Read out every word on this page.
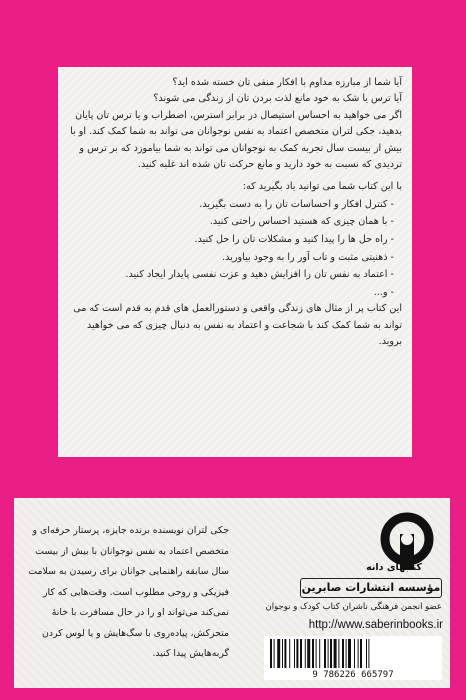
آیا شما از مبارزه مداوم با افکار منفی تان خسته شده اید؟

آیا ترس یا شک به خود مانع لذت بردن تان از زندگی می شوند؟

اگر می خواهید به احساس استیصال در برابر استرس، اضطراب و یا ترس تان پایان بدهید، جکی لتران متخصص اعتماد به نفس نوجوانان می تواند به شما کمک کند. او با بیش از بیست سال تجربه کمک به نوجوانان می تواند به شما بیاموزد که بر ترس و تردیدی که نسبت به خود دارید و مانع حرکت تان شده اند غلبه کنید.

با این کتاب شما می توانید یاد بگیرید که:

- کنترل افکار و احساسات تان را به دست بگیرید.
- با همان چیزی که هستید احساس راحتی کنید.
- راه حل ها را پیدا کنید و مشکلات تان را حل کنید.
- ذهنیتی مثبت و تاب آور را به وجود بیاورید.
- اعتماد به نفس تان را افزایش دهید و عزت نفسی پایدار ایجاد کنید.
- و...

این کتاب پر از مثال های زندگی واقعی و دستورالعمل های قدم به قدم است که می تواند به شما کمک کند با شجاعت و اعتماد به نفس به دنبال چیزی که می خواهید بروید.

جکی لتران نویسنده برنده جایزه، پرستار حرفه‌ای و متخصص اعتماد به نفس نوجوانان با بیش از بیست سال سابقه راهنمایی جوانان برای رسیدن به سلامت فیزیکی و روحی مطلوب است. وقت‌هایی که کار نمی‌کند می‌تواند او را در حال مسافرت با خانهٔ متحرکش، پیاده‌روی با سگ‌هایش و یا لوس کردن گربه‌هایش پیدا کنید.

کتابهای دانه
مؤسسه انتشارات صابرین
عضو انجمن فرهنگی ناشران کتاب کودک و نوجوان
http://www.saberinbooks.ir
9 786226 665797
